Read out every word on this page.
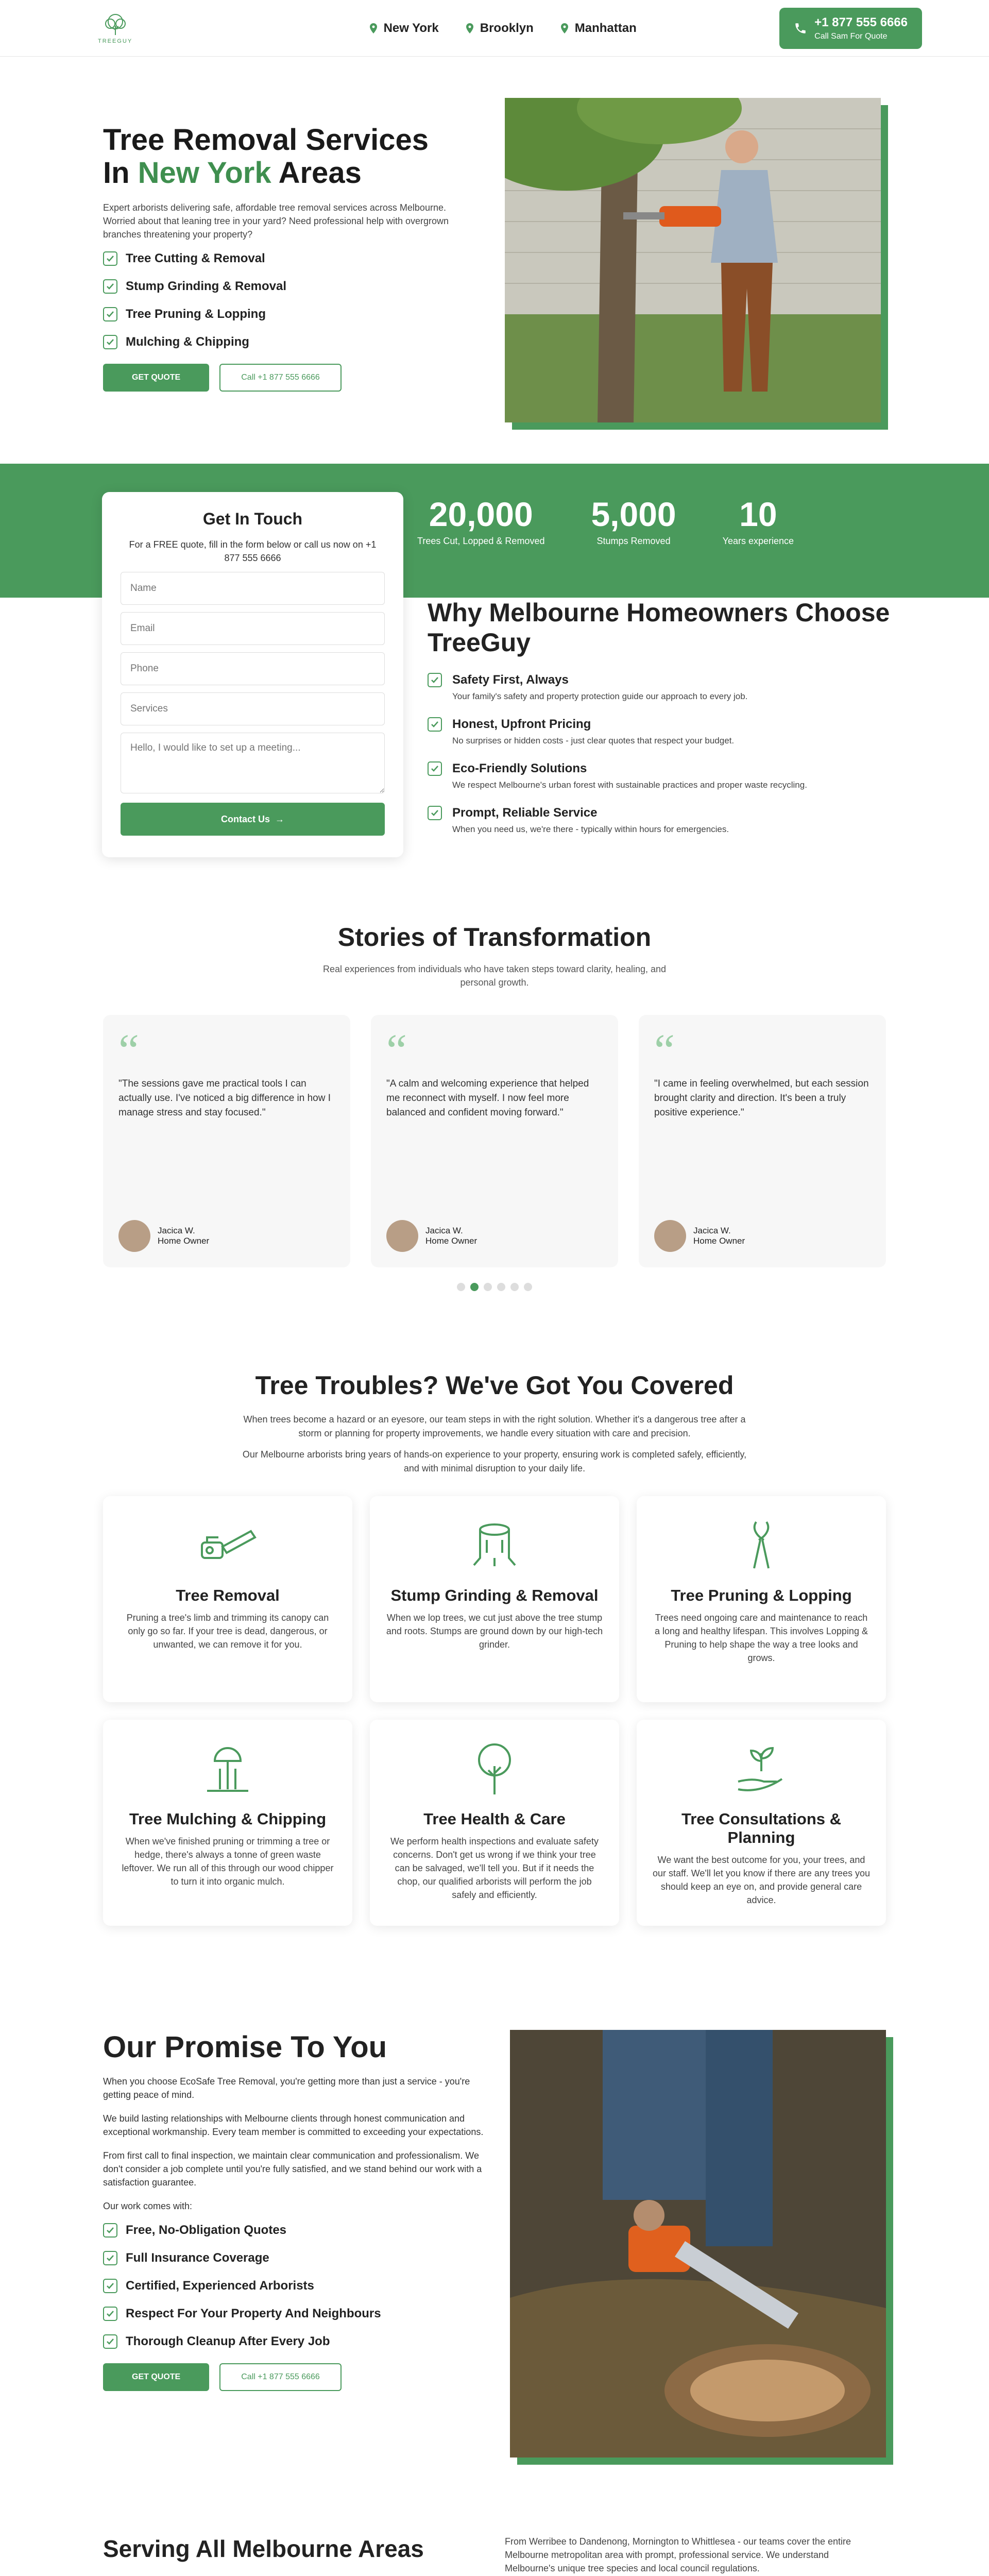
TREEGUY
New York	Brooklyn	Manhattan	+1 877 555 6666
Call Sam For Quote
Tree Removal Services
In New York Areas

Expert arborists delivering safe, affordable tree removal services across Melbourne. Worried about that leaning tree in your yard? Need professional help with overgrown branches threatening your property?

Tree Cutting & Removal
Stump Grinding & Removal
Tree Pruning & Lopping
Mulching & Chipping
GET QUOTE	Call +1 877 555 6666
20,000
Trees Cut, Lopped & Removed
5,000
Stumps Removed
10
Years experience
Get In Touch
For a FREE quote, fill in the form below or call us now on +1 877 555 6666
Name
Email
Phone
Services
Hello, I would like to set up a meeting...
Contact Us →
Why Melbourne Homeowners Choose TreeGuy
Safety First, Always
Your family's safety and property protection guide our approach to every job.
Honest, Upfront Pricing
No surprises or hidden costs - just clear quotes that respect your budget.
Eco-Friendly Solutions
We respect Melbourne's urban forest with sustainable practices and proper waste recycling.
Prompt, Reliable Service
When you need us, we're there - typically within hours for emergencies.
Stories of Transformation
Real experiences from individuals who have taken steps toward clarity, healing, and personal growth.
“
"The sessions gave me practical tools I can actually use. I've noticed a big difference in how I manage stress and stay focused."
Jacica W.
Home Owner
“
"A calm and welcoming experience that helped me reconnect with myself. I now feel more balanced and confident moving forward."
Jacica W.
Home Owner
“
"I came in feeling overwhelmed, but each session brought clarity and direction. It's been a truly positive experience."
Jacica W.
Home Owner
Tree Troubles? We've Got You Covered
When trees become a hazard or an eyesore, our team steps in with the right solution. Whether it's a dangerous tree after a storm or planning for property improvements, we handle every situation with care and precision.
Our Melbourne arborists bring years of hands-on experience to your property, ensuring work is completed safely, efficiently, and with minimal disruption to your daily life.
Tree Removal
Pruning a tree's limb and trimming its canopy can only go so far. If your tree is dead, dangerous, or unwanted, we can remove it for you.
Stump Grinding & Removal
When we lop trees, we cut just above the tree stump and roots. Stumps are ground down by our high-tech grinder.
Tree Pruning & Lopping
Trees need ongoing care and maintenance to reach a long and healthy lifespan. This involves Lopping & Pruning to help shape the way a tree looks and grows.
Tree Mulching & Chipping
When we've finished pruning or trimming a tree or hedge, there's always a tonne of green waste leftover. We run all of this through our wood chipper to turn it into organic mulch.
Tree Health & Care
We perform health inspections and evaluate safety concerns. Don't get us wrong if we think your tree can be salvaged, we'll tell you. But if it needs the chop, our qualified arborists will perform the job safely and efficiently.
Tree Consultations & Planning
We want the best outcome for you, your trees, and our staff. We'll let you know if there are any trees you should keep an eye on, and provide general care advice.
Our Promise To You

When you choose EcoSafe Tree Removal, you're getting more than just a service - you're getting peace of mind.

We build lasting relationships with Melbourne clients through honest communication and exceptional workmanship. Every team member is committed to exceeding your expectations.

From first call to final inspection, we maintain clear communication and professionalism. We don't consider a job complete until you're fully satisfied, and we stand behind our work with a satisfaction guarantee.

Our work comes with:

Free, No-Obligation Quotes
Full Insurance Coverage
Certified, Experienced Arborists
Respect For Your Property And Neighbours
Thorough Cleanup After Every Job
GET QUOTE	Call +1 877 555 6666
Serving All Melbourne Areas	From Werribee to Dandenong, Mornington to Whittlesea - our teams cover the entire Melbourne metropolitan area with prompt, professional service. We understand Melbourne's unique tree species and local council regulations.
